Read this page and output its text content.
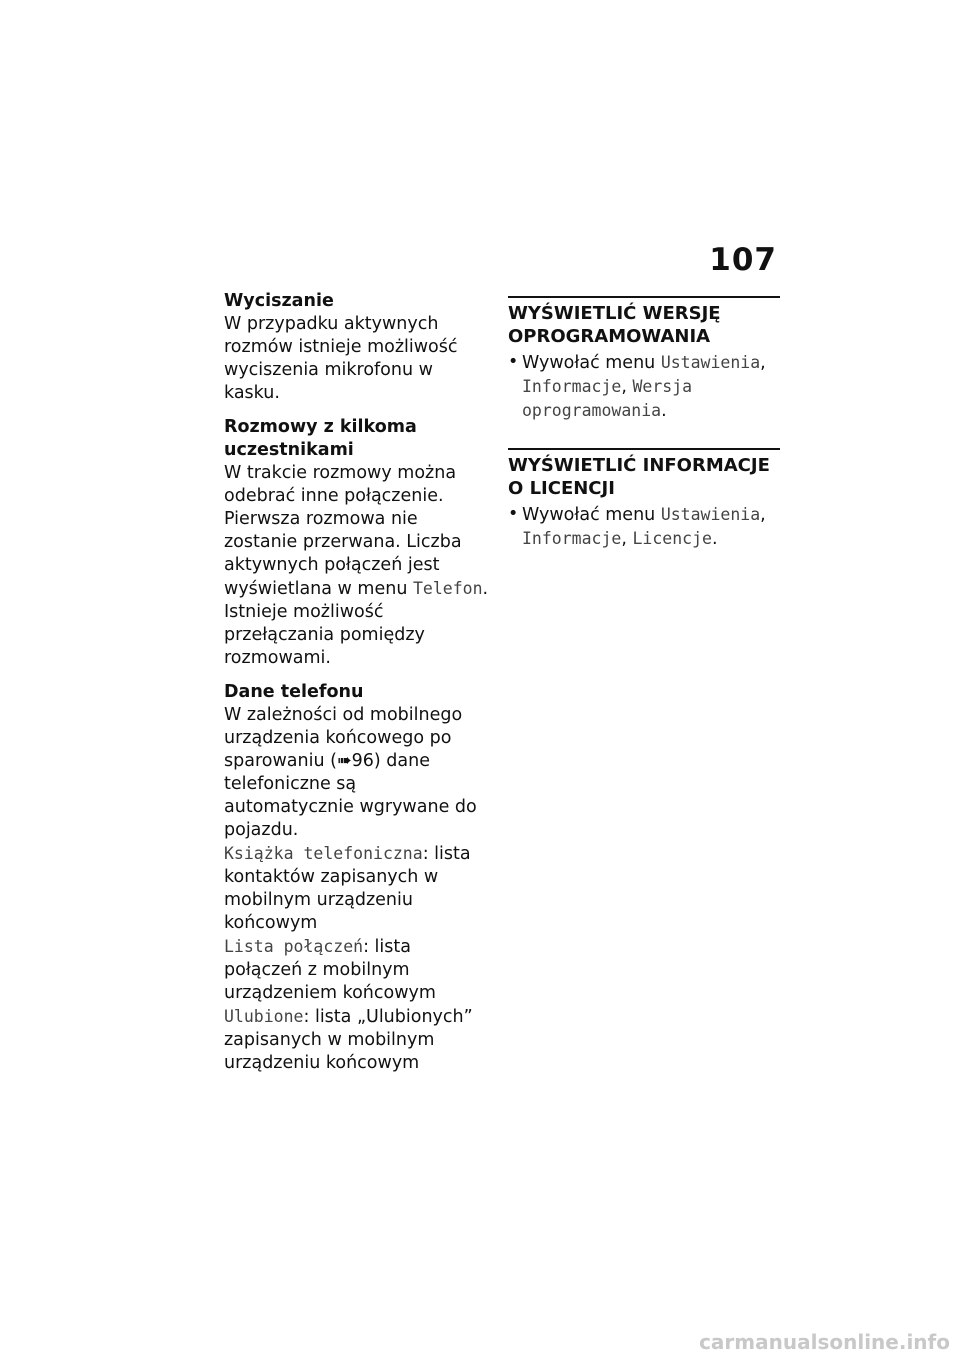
107
Wyciszanie
W przypadku aktywnych rozmów istnieje możliwość wyciszenia mikrofonu w kasku.
Rozmowy z kilkoma uczestnikami
W trakcie rozmowy można odebrać inne połączenie. Pierwsza rozmowa nie zostanie przerwana. Liczba aktywnych połączeń jest wyświetlana w menu Telefon. Istnieje możliwość przełączania pomiędzy rozmowami.
Dane telefonu
W zależności od mobilnego urządzenia końcowego po sparowaniu (➠96) dane telefoniczne są automatycznie wgrywane do pojazdu.
Książka telefoniczna: lista kontaktów zapisanych w mobilnym urządzeniu końcowym
Lista połączeń: lista połączeń z mobilnym urządzeniem końcowym
Ulubione: lista „Ulubionych” zapisanych w mobilnym urządzeniu końcowym
WYŚWIETLIĆ WERSJĘ OPROGRAMOWANIA
• Wywołać menu Ustawienia, Informacje, Wersja oprogramowania.
WYŚWIETLIĆ INFORMACJE O LICENCJI
• Wywołać menu Ustawienia, Informacje, Licencje.
carmanualsonline.info
